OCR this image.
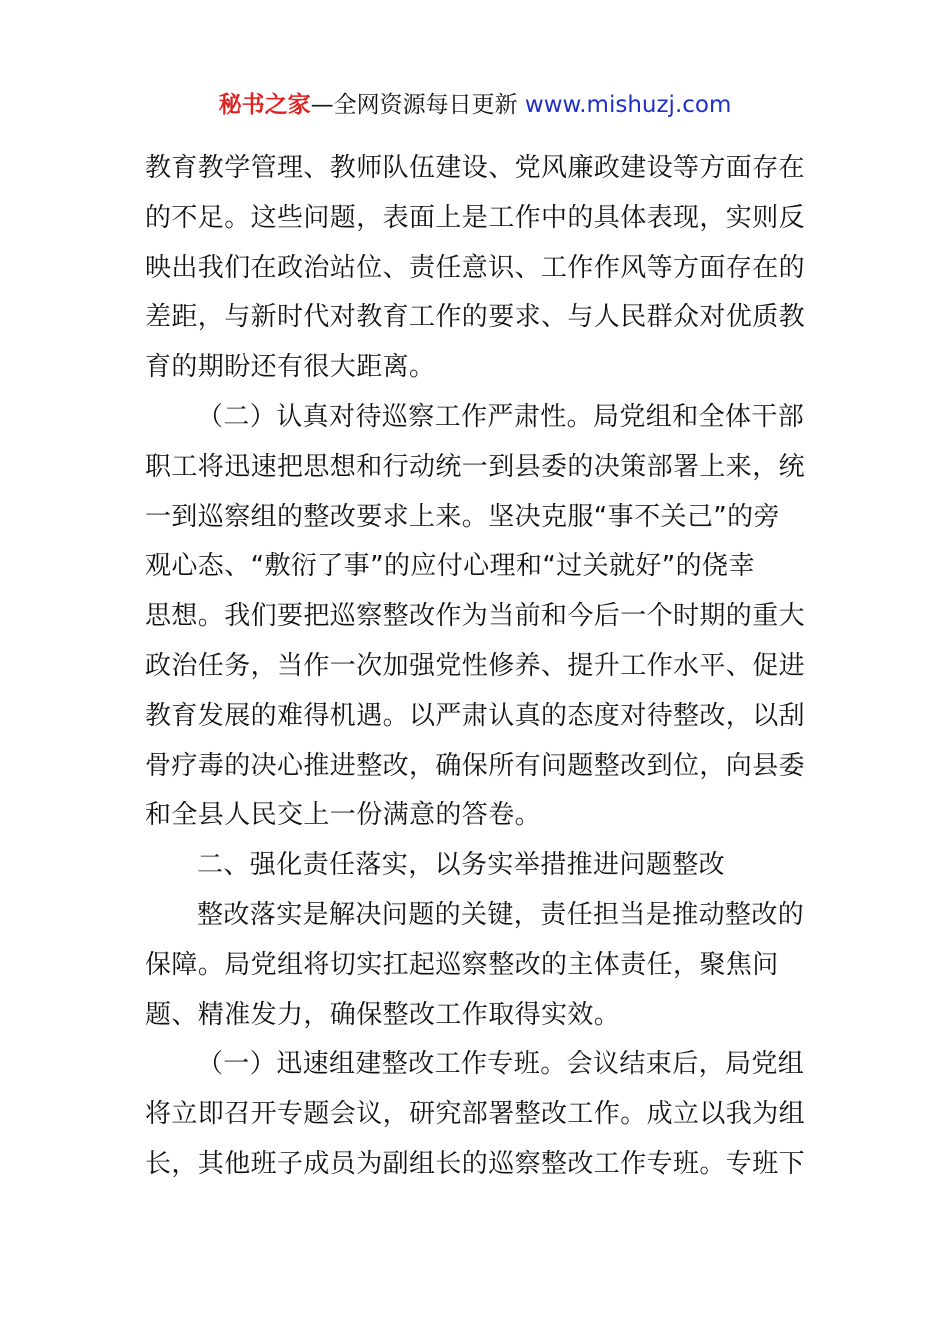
秘书之家—全网资源每日更新 www.mishuzj.com
教育教学管理、教师队伍建设、党风廉政建设等方面存在
的不足。这些问题，表面上是工作中的具体表现，实则反
映出我们在政治站位、责任意识、工作作风等方面存在的
差距，与新时代对教育工作的要求、与人民群众对优质教
育的期盼还有很大距离。
（二）认真对待巡察工作严肃性。局党组和全体干部
职工将迅速把思想和行动统一到县委的决策部署上来，统
一到巡察组的整改要求上来。坚决克服“事不关己”的旁
观心态、“敷衍了事”的应付心理和“过关就好”的侥幸
思想。我们要把巡察整改作为当前和今后一个时期的重大
政治任务，当作一次加强党性修养、提升工作水平、促进
教育发展的难得机遇。以严肃认真的态度对待整改，以刮
骨疗毒的决心推进整改，确保所有问题整改到位，向县委
和全县人民交上一份满意的答卷。
二、强化责任落实，以务实举措推进问题整改
整改落实是解决问题的关键，责任担当是推动整改的
保障。局党组将切实扛起巡察整改的主体责任，聚焦问
题、精准发力，确保整改工作取得实效。
（一）迅速组建整改工作专班。会议结束后，局党组
将立即召开专题会议，研究部署整改工作。成立以我为组
长，其他班子成员为副组长的巡察整改工作专班。专班下
